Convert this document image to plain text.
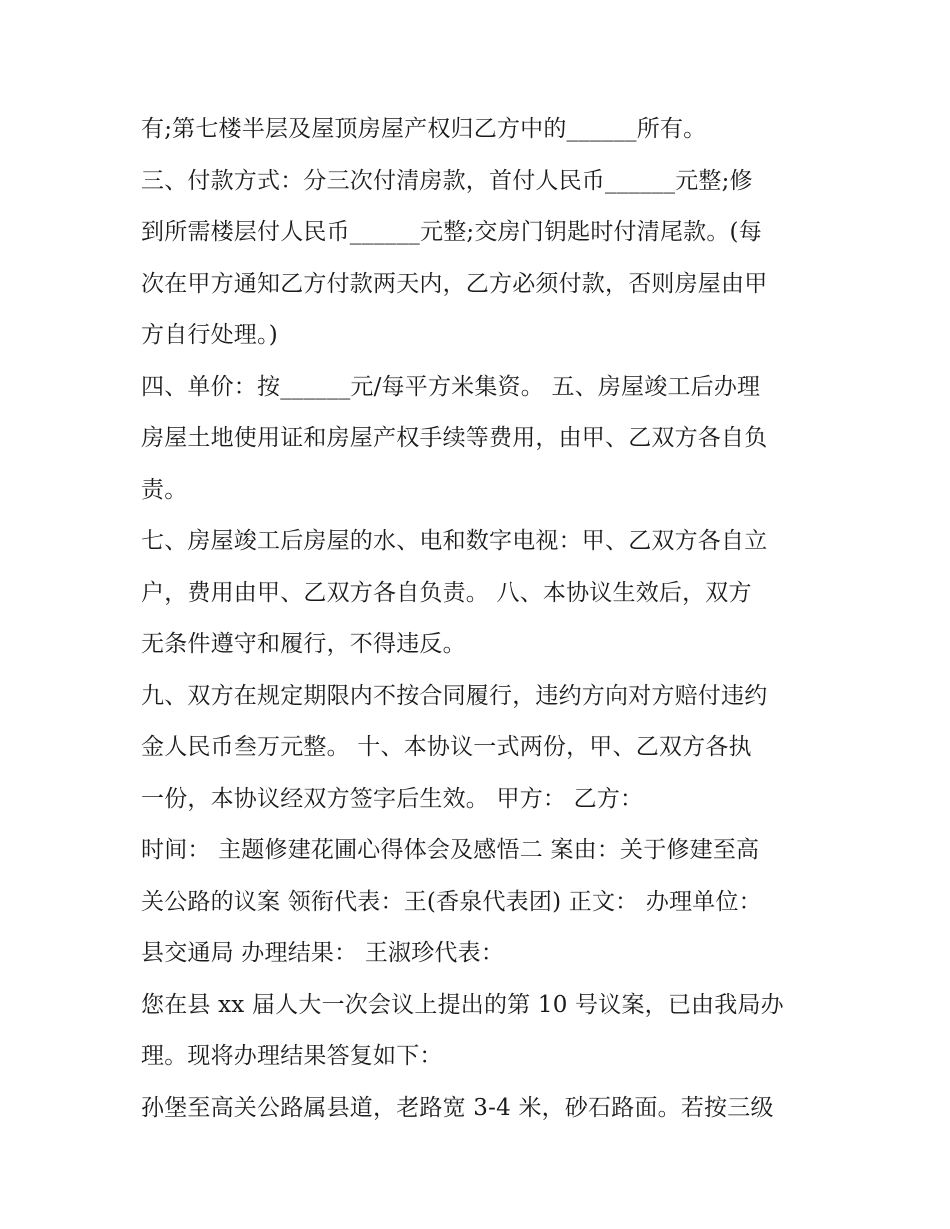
有;第七楼半层及屋顶房屋产权归乙方中的______所有。
三、付款方式：分三次付清房款，首付人民币______元整;修
到所需楼层付人民币______元整;交房门钥匙时付清尾款。(每
次在甲方通知乙方付款两天内，乙方必须付款，否则房屋由甲
方自行处理。)
四、单价：按______元/每平方米集资。 五、房屋竣工后办理
房屋土地使用证和房屋产权手续等费用，由甲、乙双方各自负
责。
七、房屋竣工后房屋的水、电和数字电视：甲、乙双方各自立
户，费用由甲、乙双方各自负责。 八、本协议生效后，双方
无条件遵守和履行，不得违反。
九、双方在规定期限内不按合同履行，违约方向对方赔付违约
金人民币叁万元整。 十、本协议一式两份，甲、乙双方各执
一份，本协议经双方签字后生效。 甲方： 乙方：
时间： 主题修建花圃心得体会及感悟二 案由：关于修建至高
关公路的议案 领衔代表：王(香泉代表团) 正文： 办理单位：
县交通局 办理结果： 王淑珍代表：
您在县 xx 届人大一次会议上提出的第 10 号议案，已由我局办
理。现将办理结果答复如下：
孙堡至高关公路属县道，老路宽 3-4 米，砂石路面。若按三级
